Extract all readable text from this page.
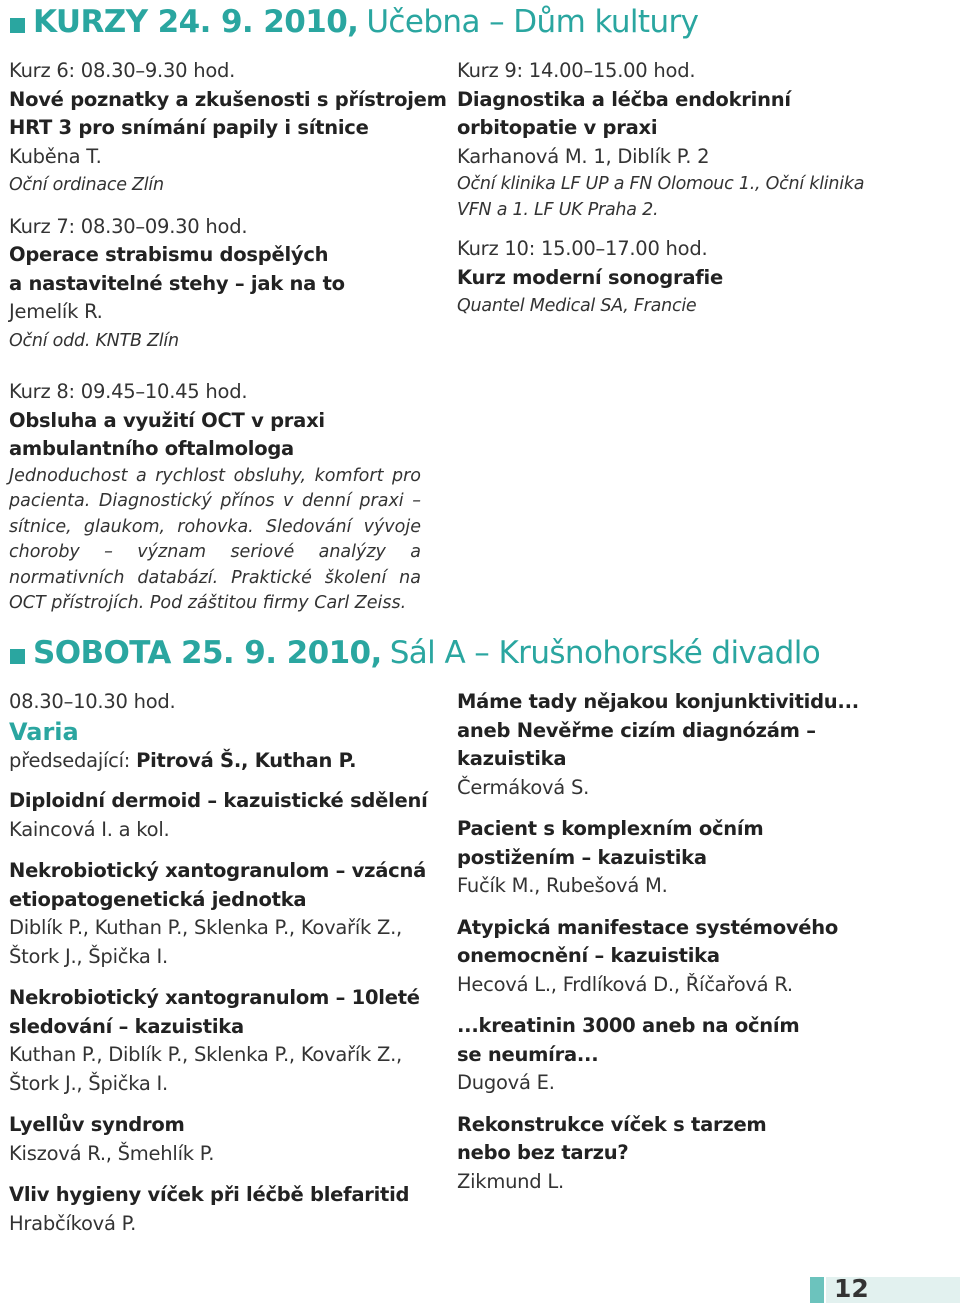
KURZY 24. 9. 2010, Učebna – Dům kultury
Kurz 6: 08.30–9.30 hod.
Nové poznatky a zkušenosti s přístrojem
HRT 3 pro snímání papily i sítnice
Kuběna T.
Oční ordinace Zlín
Kurz 7: 08.30–09.30 hod.
Operace strabismu dospělých
a nastavitelné stehy – jak na to
Jemelík R.
Oční odd. KNTB Zlín
Kurz 8: 09.45–10.45 hod.
Obsluha a využití OCT v praxi
ambulantního oftalmologa

Jednoduchost a rychlost obsluhy, komfort pro pacienta. Diagnostický přínos v denní praxi – sítnice, glaukom, rohovka. Sledování vývoje choroby – význam seriové analýzy a normativních databází. Praktické školení na OCT přístrojích. Pod záštitou firmy Carl Zeiss.

Kurz 9: 14.00–15.00 hod.
Diagnostika a léčba endokrinní
orbitopatie v praxi
Karhanová M. 1, Diblík P. 2
Oční klinika LF UP a FN Olomouc 1., Oční klinika
VFN a 1. LF UK Praha 2.
Kurz 10: 15.00–17.00 hod.
Kurz moderní sonografie
Quantel Medical SA, Francie
SOBOTA 25. 9. 2010, Sál A – Krušnohorské divadlo
08.30–10.30 hod.
Varia
předsedající: Pitrová Š., Kuthan P.
Diploidní dermoid – kazuistické sdělení
Kaincová I. a kol.
Nekrobiotický xantogranulom – vzácná
etiopatogenetická jednotka
Diblík P., Kuthan P., Sklenka P., Kovařík Z.,
Štork J., Špička I.
Nekrobiotický xantogranulom – 10leté
sledování – kazuistika
Kuthan P., Diblík P., Sklenka P., Kovařík Z.,
Štork J., Špička I.
Lyellův syndrom
Kiszová R., Šmehlík P.
Vliv hygieny víček při léčbě blefaritid
Hrabčíková P.
Máme tady nějakou konjunktivitidu...
aneb Nevěřme cizím diagnózám –
kazuistika
Čermáková S.
Pacient s komplexním očním
postižením – kazuistika
Fučík M., Rubešová M.
Atypická manifestace systémového
onemocnění – kazuistika
Hecová L., Frdlíková D., Říčařová R.
...kreatinin 3000 aneb na očním
se neumíra...
Dugová E.
Rekonstrukce víček s tarzem
nebo bez tarzu?
Zikmund L.
12
